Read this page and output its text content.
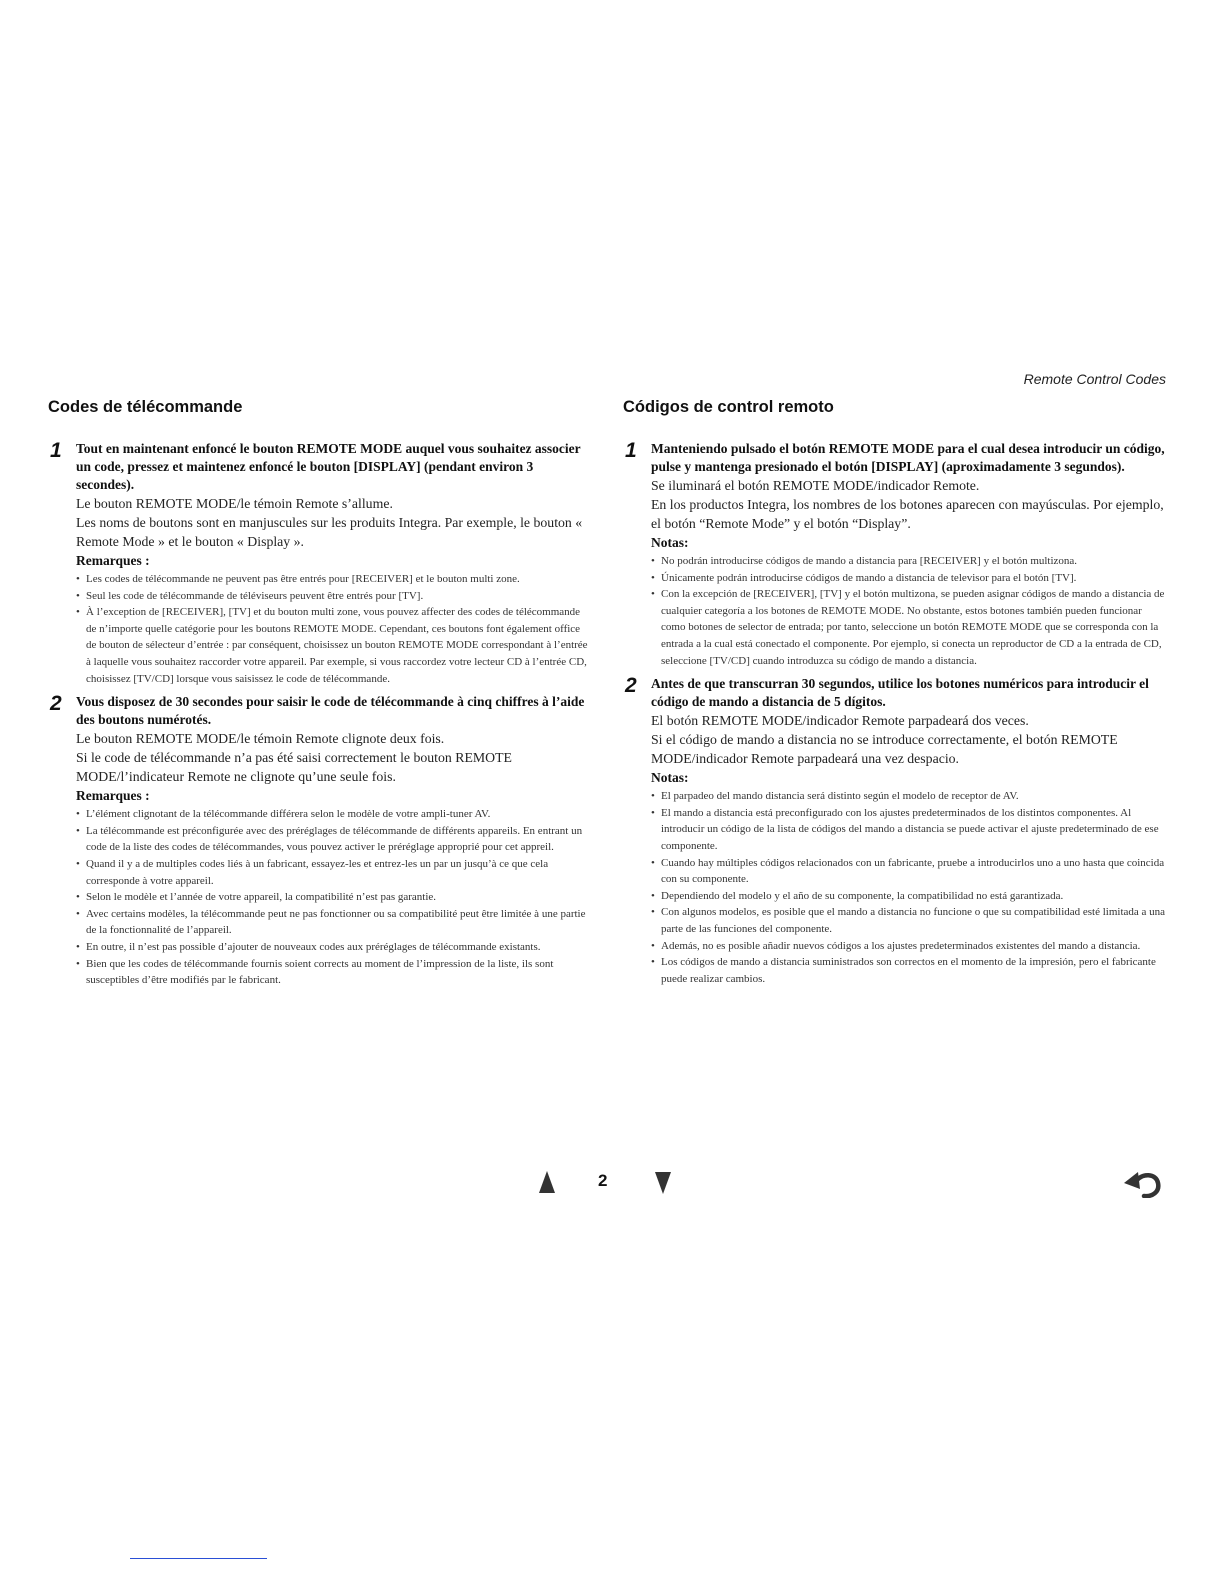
Remote Control Codes
Codes de télécommande
1 Tout en maintenant enfoncé le bouton REMOTE MODE auquel vous souhaitez associer un code, pressez et maintenez enfoncé le bouton [DISPLAY] (pendant environ 3 secondes).

Le bouton REMOTE MODE/le témoin Remote s’allume.

Les noms de boutons sont en manjuscules sur les produits Integra. Par exemple, le bouton « Remote Mode » et le bouton « Display ».

Remarques :

• Les codes de télécommande ne peuvent pas être entrés pour [RECEIVER] et le bouton multi zone.
• Seul les code de télécommande de téléviseurs peuvent être entrés pour [TV].
• À l’exception de [RECEIVER], [TV] et du bouton multi zone, vous pouvez affecter des codes de télécommande de n’importe quelle catégorie pour les boutons REMOTE MODE. Cependant, ces boutons font également office de bouton de sélecteur d’entrée : par conséquent, choisissez un bouton REMOTE MODE correspondant à l’entrée à laquelle vous souhaitez raccorder votre appareil. Par exemple, si vous raccordez votre lecteur CD à l’entrée CD, choisissez [TV/CD] lorsque vous saisissez le code de télécommande.
2 Vous disposez de 30 secondes pour saisir le code de télécommande à cinq chiffres à l’aide des boutons numérotés.

Le bouton REMOTE MODE/le témoin Remote clignote deux fois.

Si le code de télécommande n’a pas été saisi correctement le bouton REMOTE MODE/l’indicateur Remote ne clignote qu’une seule fois.

Remarques :

• L’élément clignotant de la télécommande différera selon le modèle de votre ampli-tuner AV.
• La télécommande est préconfigurée avec des préréglages de télécommande de différents appareils. En entrant un code de la liste des codes de télécommandes, vous pouvez activer le préréglage approprié pour cet appreil.
• Quand il y a de multiples codes liés à un fabricant, essayez-les et entrez-les un par un jusqu’à ce que cela corresponde à votre appareil.
• Selon le modèle et l’année de votre appareil, la compatibilité n’est pas garantie.
• Avec certains modèles, la télécommande peut ne pas fonctionner ou sa compatibilité peut être limitée à une partie de la fonctionnalité de l’appareil.
• En outre, il n’est pas possible d’ajouter de nouveaux codes aux préréglages de télécommande existants.
• Bien que les codes de télécommande fournis soient corrects au moment de l’impression de la liste, ils sont susceptibles d’être modifiés par le fabricant.
Códigos de control remoto
1 Manteniendo pulsado el botón REMOTE MODE para el cual desea introducir un código, pulse y mantenga presionado el botón [DISPLAY] (aproximadamente 3 segundos).

Se iluminará el botón REMOTE MODE/indicador Remote.

En los productos Integra, los nombres de los botones aparecen con mayúsculas. Por ejemplo, el botón “Remote Mode” y el botón “Display”.

Notas:

• No podrán introducirse códigos de mando a distancia para [RECEIVER] y el botón multizona.
• Únicamente podrán introducirse códigos de mando a distancia de televisor para el botón [TV].
• Con la excepción de [RECEIVER], [TV] y el botón multizona, se pueden asignar códigos de mando a distancia de cualquier categoría a los botones de REMOTE MODE. No obstante, estos botones también pueden funcionar como botones de selector de entrada; por tanto, seleccione un botón REMOTE MODE que se corresponda con la entrada a la cual está conectado el componente. Por ejemplo, si conecta un reproductor de CD a la entrada de CD, seleccione [TV/CD] cuando introduzca su código de mando a distancia.
2 Antes de que transcurran 30 segundos, utilice los botones numéricos para introducir el código de mando a distancia de 5 dígitos.

El botón REMOTE MODE/indicador Remote parpadeará dos veces.

Si el código de mando a distancia no se introduce correctamente, el botón REMOTE MODE/indicador Remote parpadeará una vez despacio.

Notas:

• El parpadeo del mando distancia será distinto según el modelo de receptor de AV.
• El mando a distancia está preconfigurado con los ajustes predeterminados de los distintos componentes. Al introducir un código de la lista de códigos del mando a distancia se puede activar el ajuste predeterminado de ese componente.
• Cuando hay múltiples códigos relacionados con un fabricante, pruebe a introducirlos uno a uno hasta que coincida con su componente.
• Dependiendo del modelo y el año de su componente, la compatibilidad no está garantizada.
• Con algunos modelos, es posible que el mando a distancia no funcione o que su compatibilidad esté limitada a una parte de las funciones del componente.
• Además, no es posible añadir nuevos códigos a los ajustes predeterminados existentes del mando a distancia.
• Los códigos de mando a distancia suministrados son correctos en el momento de la impresión, pero el fabricante puede realizar cambios.
2
